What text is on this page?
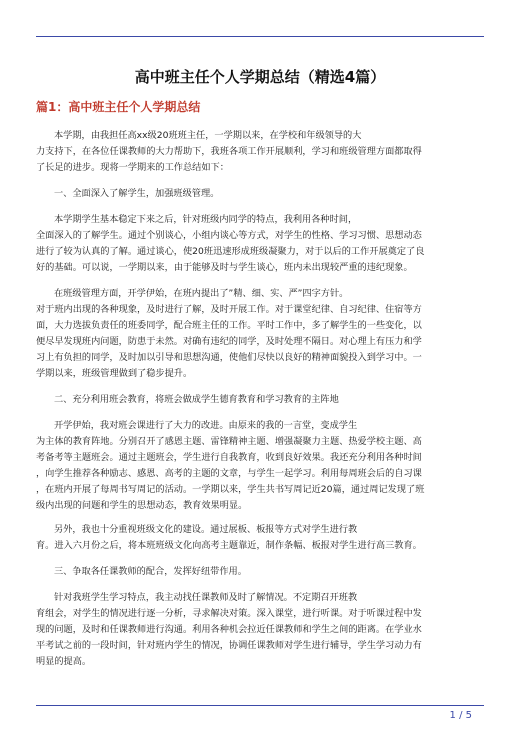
高中班主任个人学期总结（精选4篇）
篇1：高中班主任个人学期总结
本学期，由我担任高xx级20班班主任，一学期以来，在学校和年级领导的大
力支持下，在各位任课教师的大力帮助下，我班各项工作开展顺利，学习和班级管理方面都取得
了长足的进步。现将一学期来的工作总结如下：
一、全面深入了解学生，加强班级管理。
本学期学生基本稳定下来之后，针对班级内同学的特点，我利用各种时间，
全面深入的了解学生。通过个别谈心，小组内谈心等方式，对学生的性格、学习习惯、思想动态
进行了较为认真的了解。通过谈心，使20班迅速形成班级凝聚力，对于以后的工作开展奠定了良
好的基础。可以说，一学期以来，由于能够及时与学生谈心，班内未出现较严重的违纪现象。
在班级管理方面，开学伊始，在班内提出了”精、细、实、严”四字方针。
对于班内出现的各种现象，及时进行了解，及时开展工作。对于课堂纪律、自习纪律、住宿等方
面，大力选拔负责任的班委同学，配合班主任的工作。平时工作中，多了解学生的一些变化，以
便尽早发现班内问题，防患于未然。对确有违纪的同学，及时处理不隔日。对心理上有压力和学
习上有负担的同学，及时加以引导和思想沟通，使他们尽快以良好的精神面貌投入到学习中。一
学期以来，班级管理做到了稳步提升。
二、充分利用班会教育，将班会做成学生德育教育和学习教育的主阵地
开学伊始，我对班会课进行了大力的改进。由原来的我的一言堂，变成学生
为主体的教育阵地。分别召开了感恩主题、雷锋精神主题、增强凝聚力主题、热爱学校主题、高
考备考等主题班会。通过主题班会，学生进行自我教育，收到良好效果。我还充分利用各种时间
，向学生推荐各种励志、感恩、高考的主题的文章，与学生一起学习。利用每周班会后的自习课
，在班内开展了每周书写周记的活动。一学期以来，学生共书写周记近20篇，通过周记发现了班
级内出现的问题和学生的思想动态，教育效果明显。
另外，我也十分重视班级文化的建设。通过展板、板报等方式对学生进行教
育。进入六月份之后，将本班班级文化向高考主题靠近，制作条幅、板报对学生进行高三教育。
三、争取各任课教师的配合，发挥好纽带作用。
针对我班学生学习特点，我主动找任课教师及时了解情况。不定期召开班教
育组会，对学生的情况进行逐一分析，寻求解决对策。深入课堂，进行听课。对于听课过程中发
现的问题，及时和任课教师进行沟通。利用各种机会拉近任课教师和学生之间的距离。在学业水
平考试之前的一段时间，针对班内学生的情况，协调任课教师对学生进行辅导，学生学习动力有
明显的提高。
1 / 5
